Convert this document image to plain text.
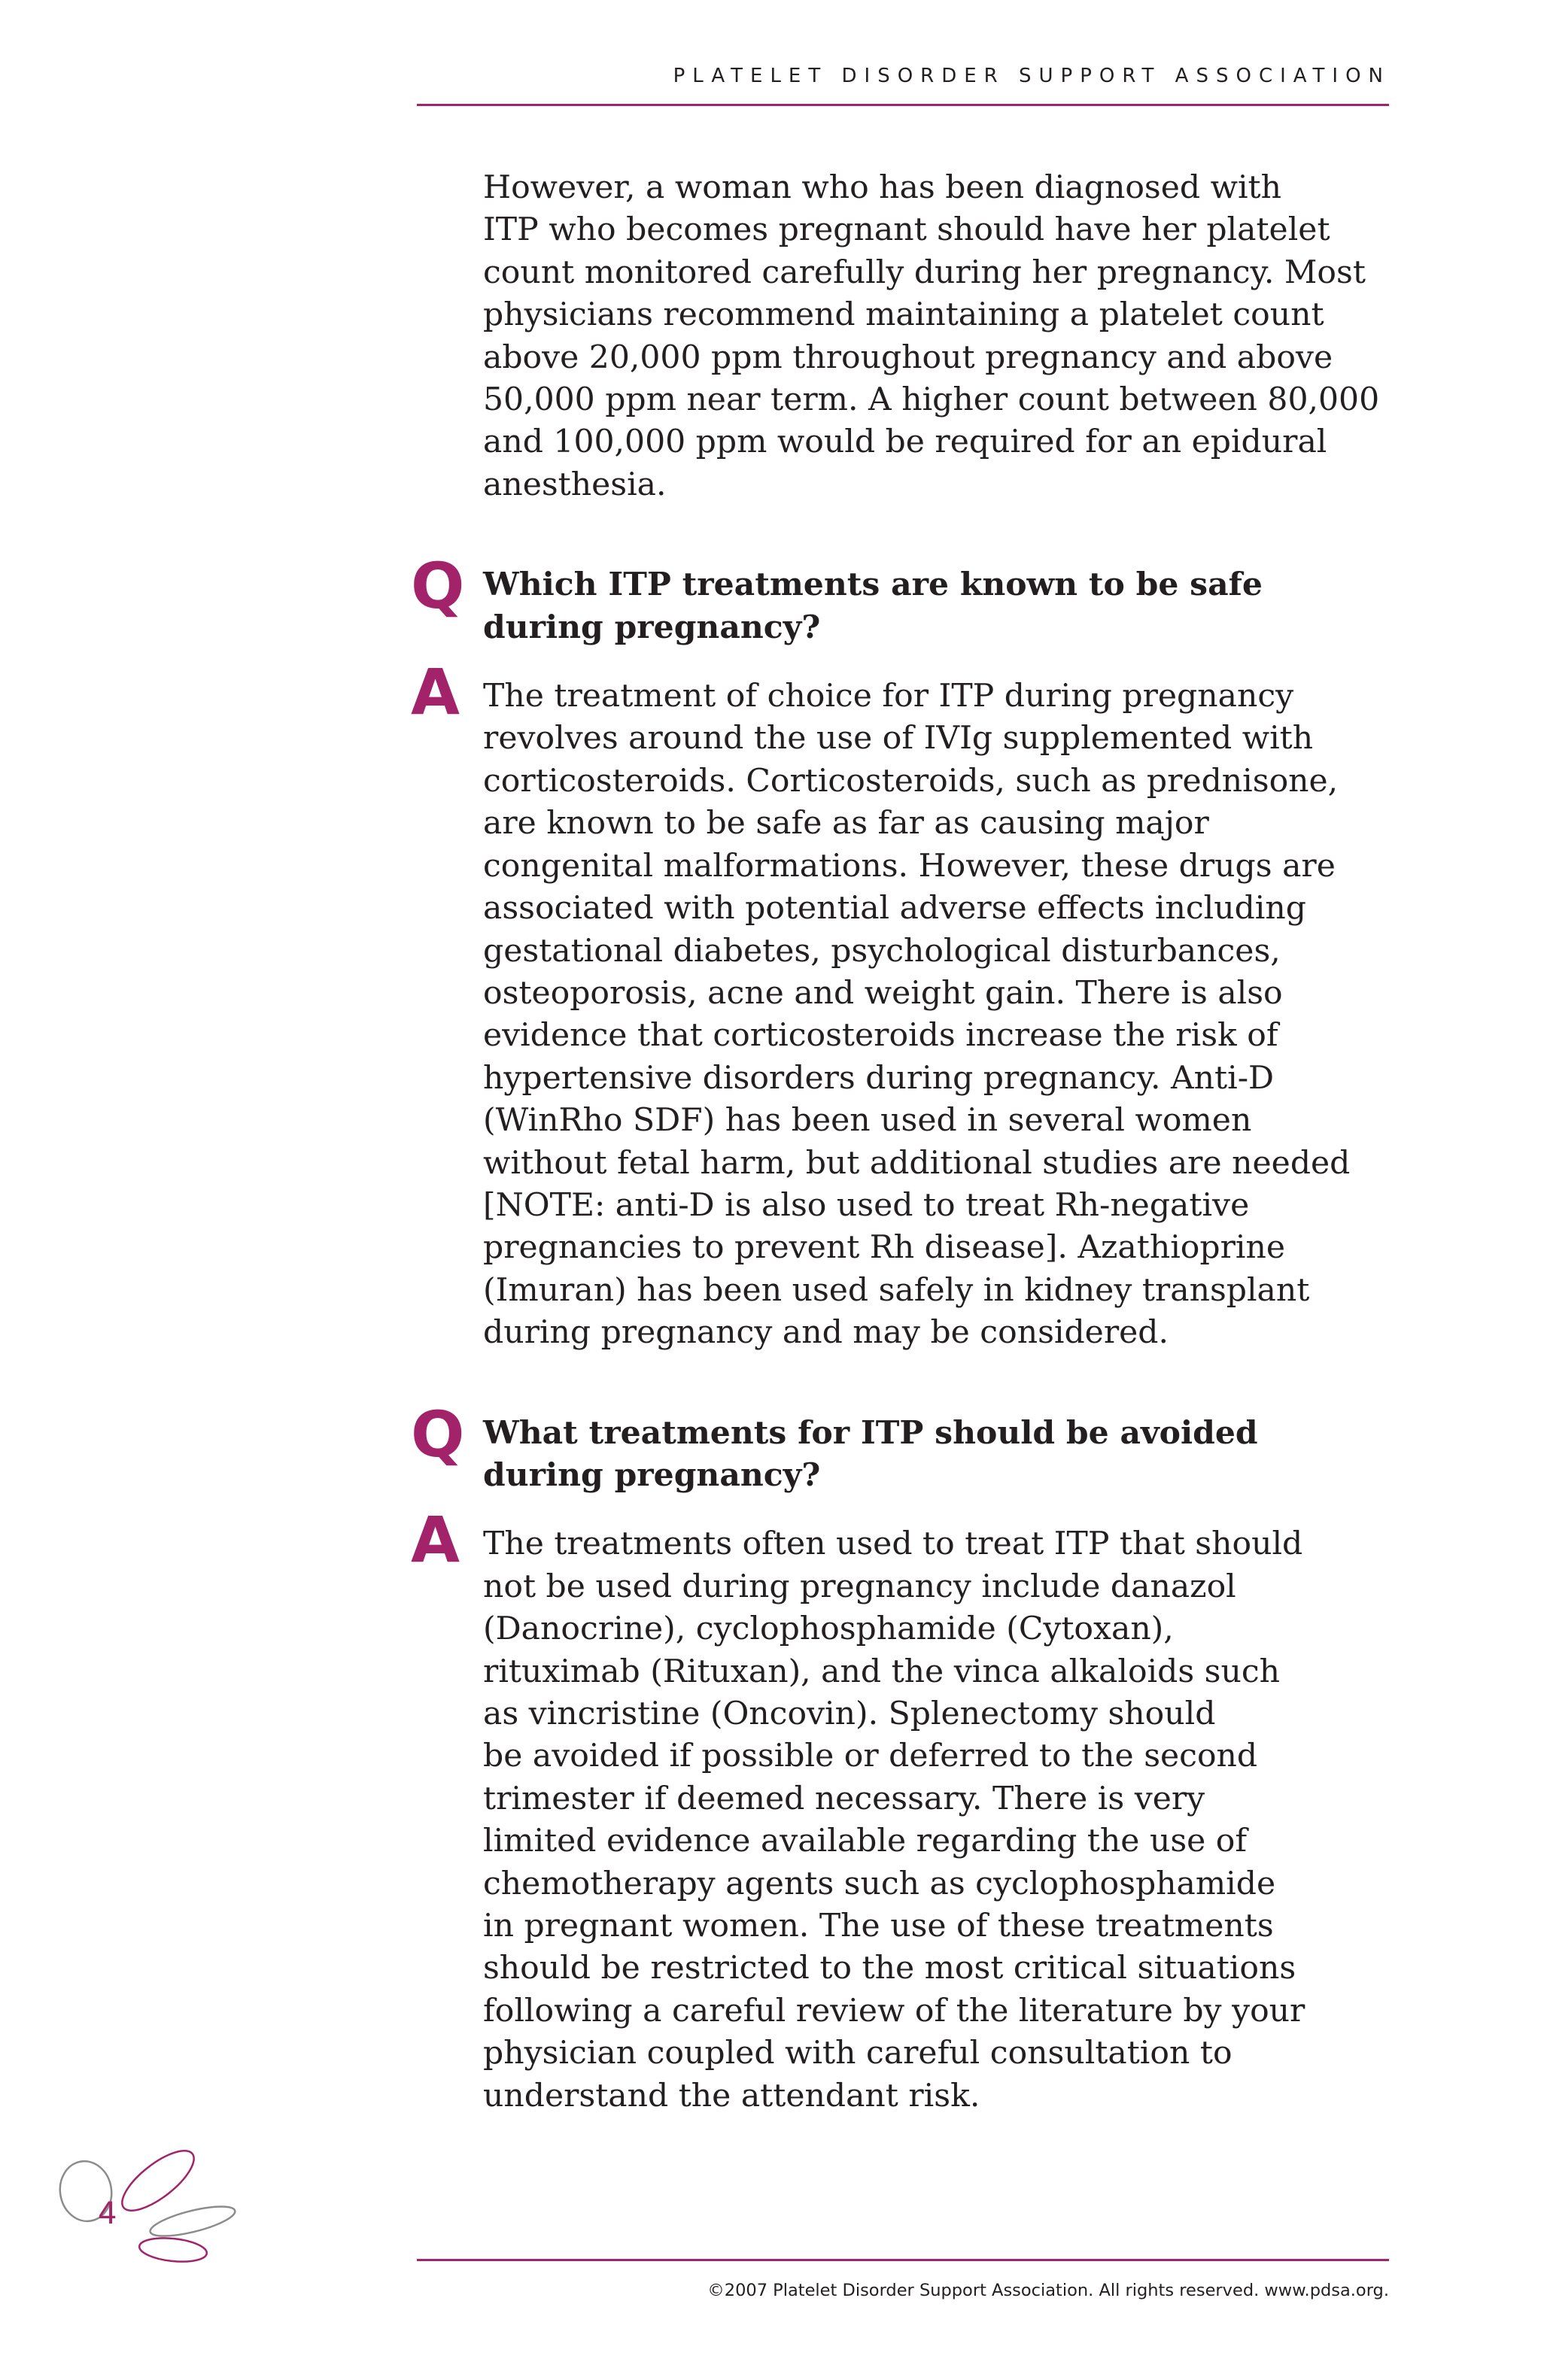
PLATELET DISORDER SUPPORT ASSOCIATION

However, a woman who has been diagnosed with
ITP who becomes pregnant should have her platelet
count monitored carefully during her pregnancy. Most
physicians recommend maintaining a platelet count
above 20,000 ppm throughout pregnancy and above
50,000 ppm near term. A higher count between 80,000
and 100,000 ppm would be required for an epidural
anesthesia.

Q Which ITP treatments are known to be safe
during pregnancy?

A The treatment of choice for ITP during pregnancy
revolves around the use of IVIg supplemented with
corticosteroids. Corticosteroids, such as prednisone,
are known to be safe as far as causing major
congenital malformations. However, these drugs are
associated with potential adverse effects including
gestational diabetes, psychological disturbances,
osteoporosis, acne and weight gain. There is also
evidence that corticosteroids increase the risk of
hypertensive disorders during pregnancy. Anti-D
(WinRho SDF) has been used in several women
without fetal harm, but additional studies are needed
[NOTE: anti-D is also used to treat Rh-negative
pregnancies to prevent Rh disease]. Azathioprine
(Imuran) has been used safely in kidney transplant
during pregnancy and may be considered.

Q What treatments for ITP should be avoided
during pregnancy?

A The treatments often used to treat ITP that should
not be used during pregnancy include danazol
(Danocrine), cyclophosphamide (Cytoxan),
rituximab (Rituxan), and the vinca alkaloids such
as vincristine (Oncovin). Splenectomy should
be avoided if possible or deferred to the second
trimester if deemed necessary. There is very
limited evidence available regarding the use of
chemotherapy agents such as cyclophosphamide
in pregnant women. The use of these treatments
should be restricted to the most critical situations
following a careful review of the literature by your
physician coupled with careful consultation to
understand the attendant risk.

4
©2007 Platelet Disorder Support Association. All rights reserved. www.pdsa.org.
